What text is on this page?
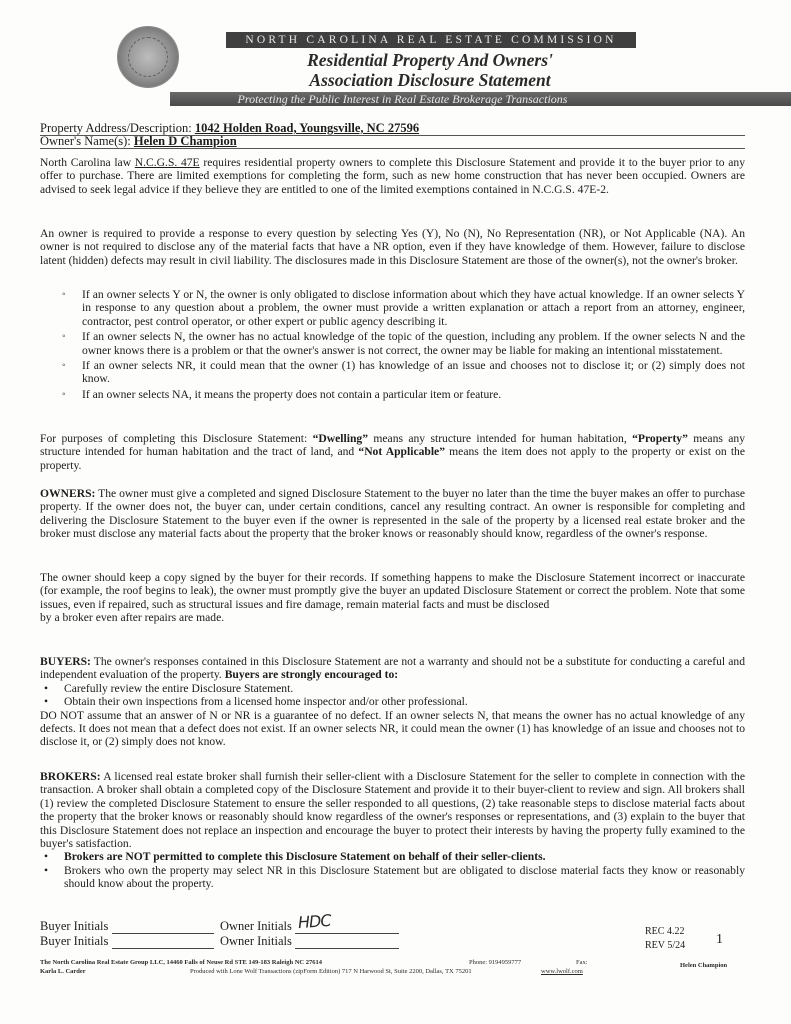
NORTH CAROLINA REAL ESTATE COMMISSION
Residential Property And Owners'
Association Disclosure Statement
Protecting the Public Interest in Real Estate Brokerage Transactions
Property Address/Description: 1042 Holden Road, Youngsville, NC 27596
Owner's Name(s): Helen D Champion
North Carolina law N.C.G.S. 47E requires residential property owners to complete this Disclosure Statement and provide it to the buyer prior to any offer to purchase. There are limited exemptions for completing the form, such as new home construction that has never been occupied. Owners are advised to seek legal advice if they believe they are entitled to one of the limited exemptions contained in N.C.G.S. 47E-2.
An owner is required to provide a response to every question by selecting Yes (Y), No (N), No Representation (NR), or Not Applicable (NA). An owner is not required to disclose any of the material facts that have a NR option, even if they have knowledge of them. However, failure to disclose latent (hidden) defects may result in civil liability. The disclosures made in this Disclosure Statement are those of the owner(s), not the owner's broker.
◦ If an owner selects Y or N, the owner is only obligated to disclose information about which they have actual knowledge. If an owner selects Y in response to any question about a problem, the owner must provide a written explanation or attach a report from an attorney, engineer, contractor, pest control operator, or other expert or public agency describing it.
◦ If an owner selects N, the owner has no actual knowledge of the topic of the question, including any problem. If the owner selects N and the owner knows there is a problem or that the owner's answer is not correct, the owner may be liable for making an intentional misstatement.
◦ If an owner selects NR, it could mean that the owner (1) has knowledge of an issue and chooses not to disclose it; or (2) simply does not know.
◦ If an owner selects NA, it means the property does not contain a particular item or feature.
For purposes of completing this Disclosure Statement: “Dwelling” means any structure intended for human habitation, “Property” means any structure intended for human habitation and the tract of land, and “Not Applicable” means the item does not apply to the property or exist on the property.
OWNERS: The owner must give a completed and signed Disclosure Statement to the buyer no later than the time the buyer makes an offer to purchase property. If the owner does not, the buyer can, under certain conditions, cancel any resulting contract. An owner is responsible for completing and delivering the Disclosure Statement to the buyer even if the owner is represented in the sale of the property by a licensed real estate broker and the broker must disclose any material facts about the property that the broker knows or reasonably should know, regardless of the owner's response.
The owner should keep a copy signed by the buyer for their records. If something happens to make the Disclosure Statement incorrect or inaccurate (for example, the roof begins to leak), the owner must promptly give the buyer an updated Disclosure Statement or correct the problem. Note that some issues, even if repaired, such as structural issues and fire damage, remain material facts and must be disclosed
by a broker even after repairs are made.
BUYERS: The owner's responses contained in this Disclosure Statement are not a warranty and should not be a substitute for conducting a careful and independent evaluation of the property. Buyers are strongly encouraged to:
• Carefully review the entire Disclosure Statement.
• Obtain their own inspections from a licensed home inspector and/or other professional.
DO NOT assume that an answer of N or NR is a guarantee of no defect. If an owner selects N, that means the owner has no actual knowledge of any defects. It does not mean that a defect does not exist. If an owner selects NR, it could mean the owner (1) has knowledge of an issue and chooses not to disclose it, or (2) simply does not know.
BROKERS: A licensed real estate broker shall furnish their seller-client with a Disclosure Statement for the seller to complete in connection with the transaction. A broker shall obtain a completed copy of the Disclosure Statement and provide it to their buyer-client to review and sign. All brokers shall (1) review the completed Disclosure Statement to ensure the seller responded to all questions, (2) take reasonable steps to disclose material facts about the property that the broker knows or reasonably should know regardless of the owner's responses or representations, and (3) explain to the buyer that this Disclosure Statement does not replace an inspection and encourage the buyer to protect their interests by having the property fully examined to the buyer's satisfaction.
• Brokers are NOT permitted to complete this Disclosure Statement on behalf of their seller-clients.
• Brokers who own the property may select NR in this Disclosure Statement but are obligated to disclose material facts they know or reasonably should know about the property.
Buyer Initials	Owner Initials HDC
Buyer Initials	Owner Initials
REC 4.22
REV 5/24 1
The North Carolina Real Estate Group LLC, 14460 Falls of Neuse Rd STE 149-183 Raleigh NC 27614
Karla L. Carder
Phone: 9194959777	Fax:	Helen Champion
Produced with Lone Wolf Transactions (zipForm Edition) 717 N Harwood St, Suite 2200, Dallas, TX 75201	www.lwolf.com
